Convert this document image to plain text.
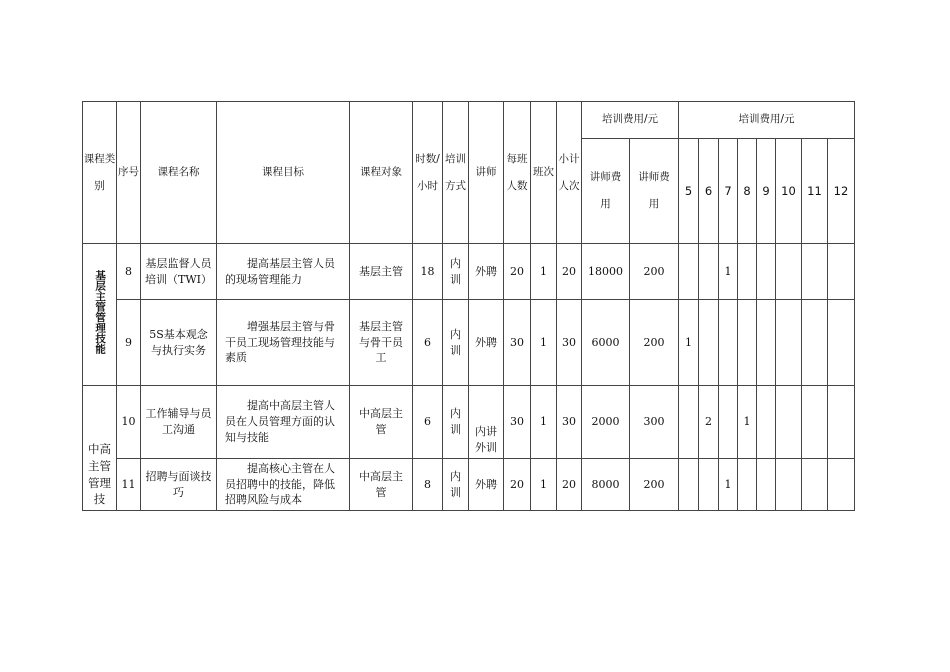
课程类别	序号	课程名称	课程目标	课程对象	时数/小时	培训方式	讲师	每班人数	班次	小计人次	培训费用/元		培训费用/元							
											讲师费用	讲师费用	5	6	7	8	9	10	11	12
基层主管管理技能	8	基层监督人员培训（TWI）	提高基层主管人员的现场管理能力	基层主管	18	内训	外聘	20	1	20	18000	200			1					
	9	5S基本观念与执行实务	增强基层主管与骨干员工现场管理技能与素质	基层主管与骨干员工	6	内训	外聘	30	1	30	6000	200	1							
中高主管管理技	10	工作辅导与员工沟通	提高中高层主管人员在人员管理方面的认知与技能	中高层主管	6	内训	内讲外训	30	1	30	2000	300		2		1				
	11	招聘与面谈技巧	提高核心主管在人员招聘中的技能，降低招聘风险与成本	中高层主管	8	内训	外聘	20	1	20	8000	200			1					
